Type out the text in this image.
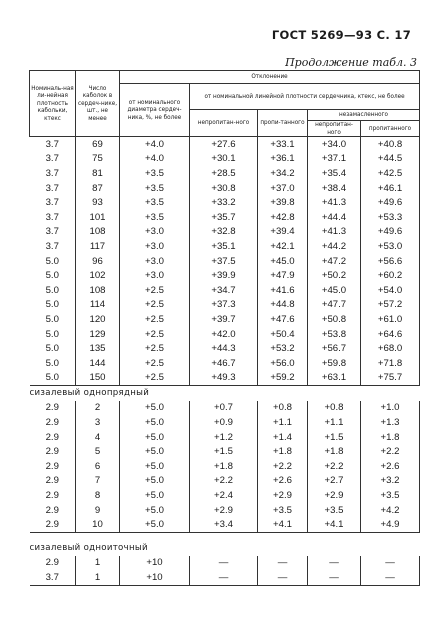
ГОСТ 5269—93 С. 17
Продолжение табл. 3
Номиналь-ная ли-нейная плотность кабольки, ктекс	Число каболок в сердеч-нике, шт., не менее	Отклонение				
		от номинального диаметра сердеч-ника, %, не более	от номинальной линейной плотности сердечника, ктекс, не более			
			непропитан-ного	пропи-танного	незамасленного	
					непропитан-ного	пропитанного
3.7	69	+4.0	+27.6	+33.1	+34.0	+40.8
3.7	75	+4.0	+30.1	+36.1	+37.1	+44.5
3.7	81	+3.5	+28.5	+34.2	+35.4	+42.5
3.7	87	+3.5	+30.8	+37.0	+38.4	+46.1
3.7	93	+3.5	+33.2	+39.8	+41.3	+49.6
3.7	101	+3.5	+35.7	+42.8	+44.4	+53.3
3.7	108	+3.0	+32.8	+39.4	+41.3	+49.6
3.7	117	+3.0	+35.1	+42.1	+44.2	+53.0
5.0	96	+3.0	+37.5	+45.0	+47.2	+56.6
5.0	102	+3.0	+39.9	+47.9	+50.2	+60.2
5.0	108	+2.5	+34.7	+41.6	+45.0	+54.0
5.0	114	+2.5	+37.3	+44.8	+47.7	+57.2
5.0	120	+2.5	+39.7	+47.6	+50.8	+61.0
5.0	129	+2.5	+42.0	+50.4	+53.8	+64.6
5.0	135	+2.5	+44.3	+53.2	+56.7	+68.0
5.0	144	+2.5	+46.7	+56.0	+59.8	+71.8
5.0	150	+2.5	+49.3	+59.2	+63.1	+75.7
сизалевый однопрядный						
2.9	2	+5.0	+0.7	+0.8	+0.8	+1.0
2.9	3	+5.0	+0.9	+1.1	+1.1	+1.3
2.9	4	+5.0	+1.2	+1.4	+1.5	+1.8
2.9	5	+5.0	+1.5	+1.8	+1.8	+2.2
2.9	6	+5.0	+1.8	+2.2	+2.2	+2.6
2.9	7	+5.0	+2.2	+2.6	+2.7	+3.2
2.9	8	+5.0	+2.4	+2.9	+2.9	+3.5
2.9	9	+5.0	+2.9	+3.5	+3.5	+4.2
2.9	10	+5.0	+3.4	+4.1	+4.1	+4.9

сизалевый одноиточный						
2.9	1	+10	—	—	—	—
3.7	1	+10	—	—	—	—
